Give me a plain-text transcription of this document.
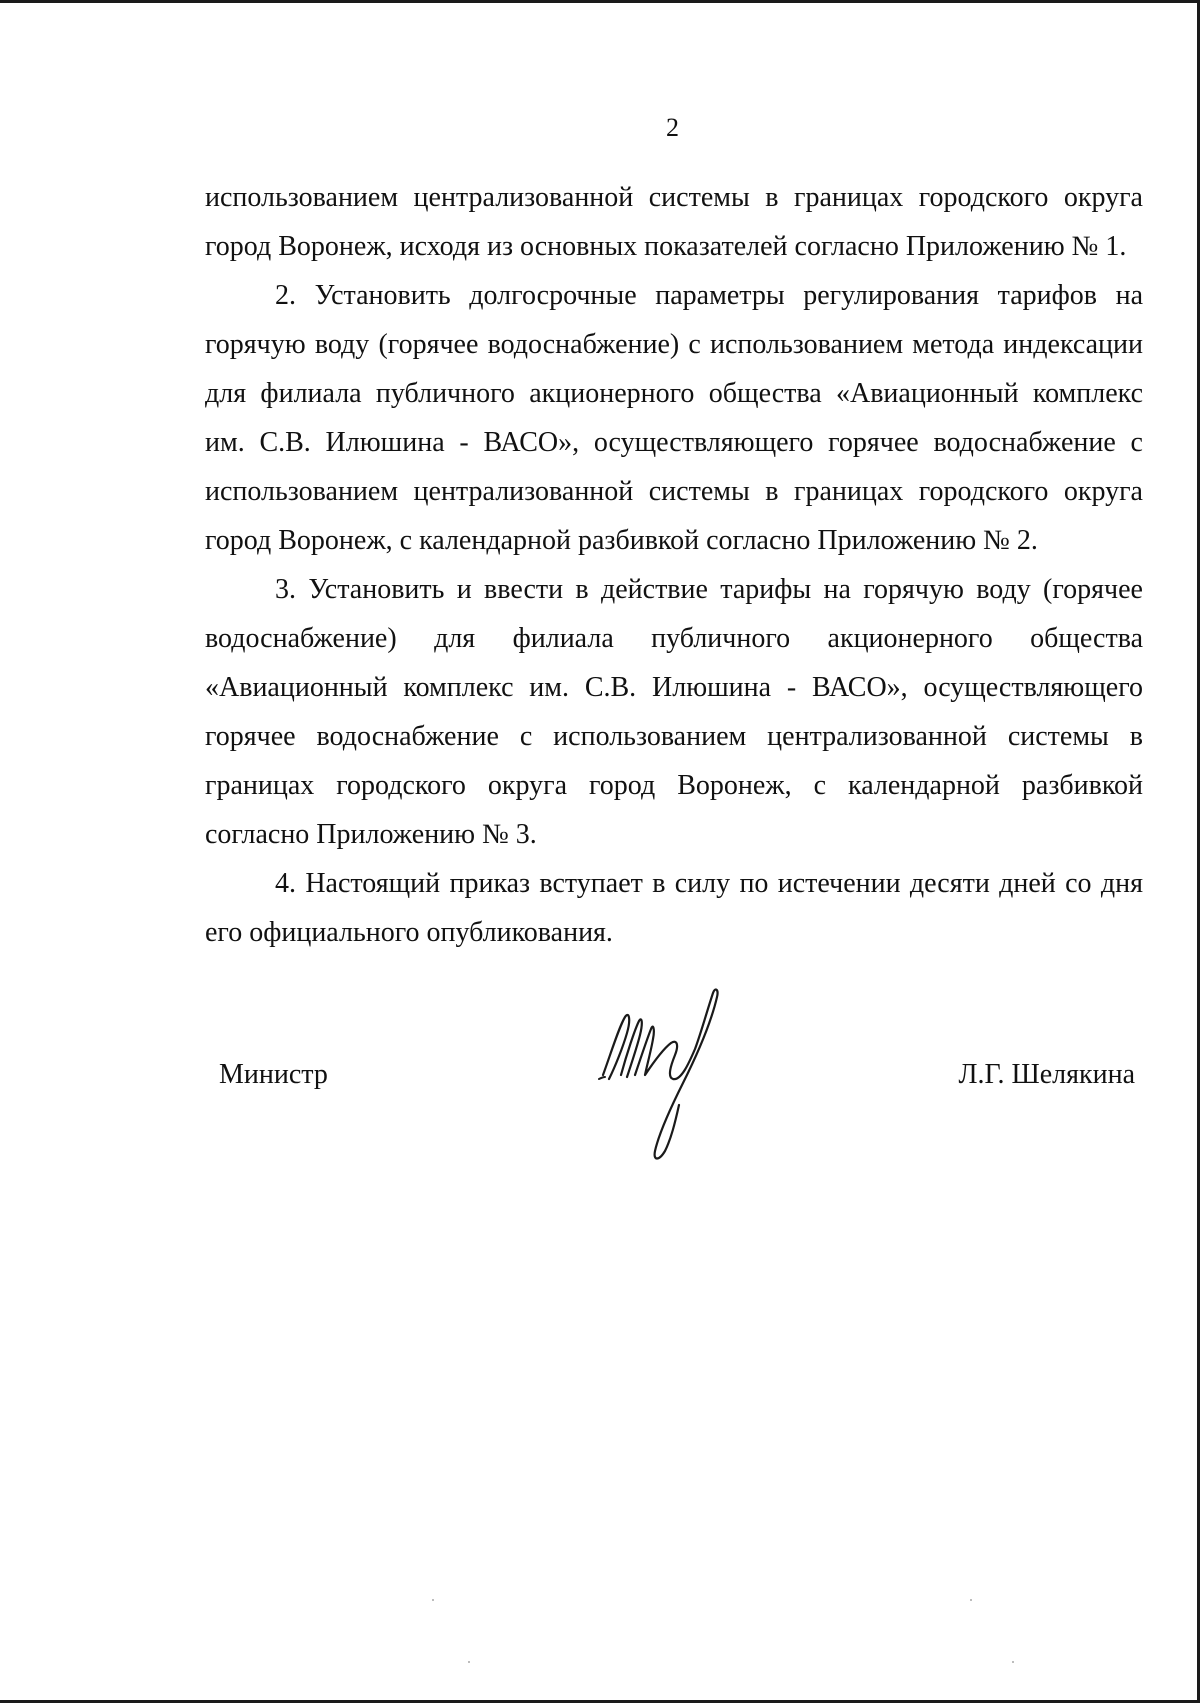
2

использованием централизованной системы в границах городского округа город Воронеж, исходя из основных показателей согласно Приложению № 1.

2. Установить долгосрочные параметры регулирования тарифов на горячую воду (горячее водоснабжение) с использованием метода индексации для филиала публичного акционерного общества «Авиационный комплекс им. С.В. Илюшина - ВАСО», осуществляющего горячее водоснабжение с использованием централизованной системы в границах городского округа город Воронеж, с календарной разбивкой согласно Приложению № 2.

3. Установить и ввести в действие тарифы на горячую воду (горячее водоснабжение) для филиала публичного акционерного общества «Авиационный комплекс им. С.В. Илюшина - ВАСО», осуществляющего горячее водоснабжение с использованием централизованной системы в границах городского округа город Воронеж, с календарной разбивкой согласно Приложению № 3.

4. Настоящий приказ вступает в силу по истечении десяти дней со дня его официального опубликования.

Министр	Л.Г. Шелякина
